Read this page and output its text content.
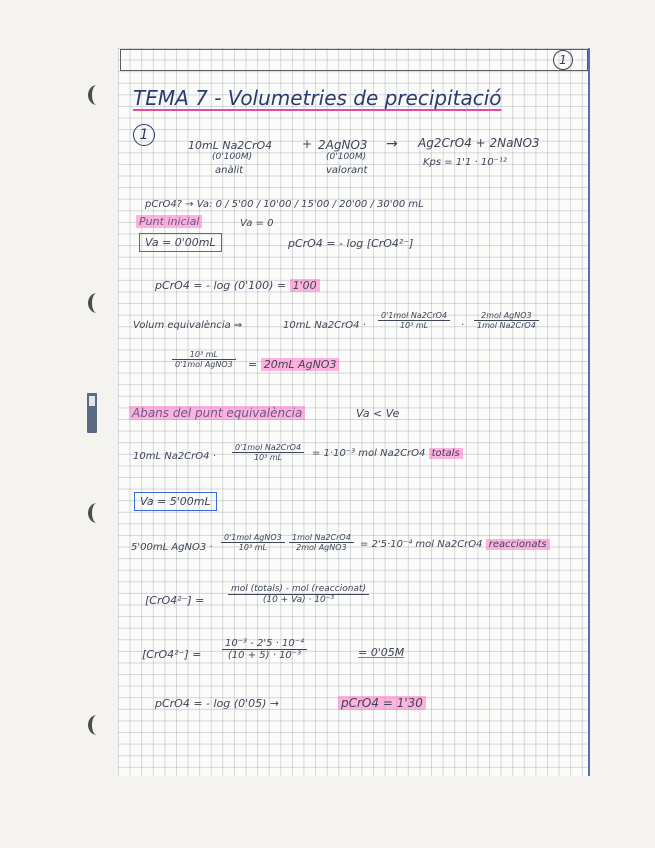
1
TEMA 7 - Volumetries de precipitació
1
10mL Na2CrO4
(0'100M)
anàlit
+ 2AgNO3
(0'100M)
valorant
→ Ag2CrO4 + 2NaNO3
Kps = 1'1 · 10⁻¹²
pCrO4? → Va: 0 / 5'00 / 10'00 / 15'00 / 20'00 / 30'00 mL
Punt inicial	Va = 0
Va = 0'00mL	pCrO4 = - log [CrO4²⁻]
pCrO4 = - log (0'100) = 1'00
Volum equivalència ⇒	10mL Na2CrO4 ·
0'1mol Na2CrO4
10³ mL	·
2mol AgNO3
1mol Na2CrO4
10³ mL
0'1mol AgNO3 = 20mL AgNO3
Abans del punt equivalència	Va < Ve
10mL Na2CrO4 ·
0'1mol Na2CrO4
10³ mL	= 1·10⁻³ mol Na2CrO4 totals
Va = 5'00mL
5'00mL AgNO3 ·
0'1mol AgNO3
10³ mL
1mol Na2CrO4
2mol AgNO3	= 2'5·10⁻⁴ mol Na2CrO4 reaccionats
[CrO4²⁻] =
mol (totals) - mol (reaccionat)
(10 + Va) · 10⁻³
$[CrO4^{2-}] = \frac{\text{10⁻³ - 2'5 · 10⁻⁴}}{\text{(10 + 5) · 10⁻³}}$	= 0'05M
pCrO4 = - log (0'05) →	pCrO4 = 1'30
